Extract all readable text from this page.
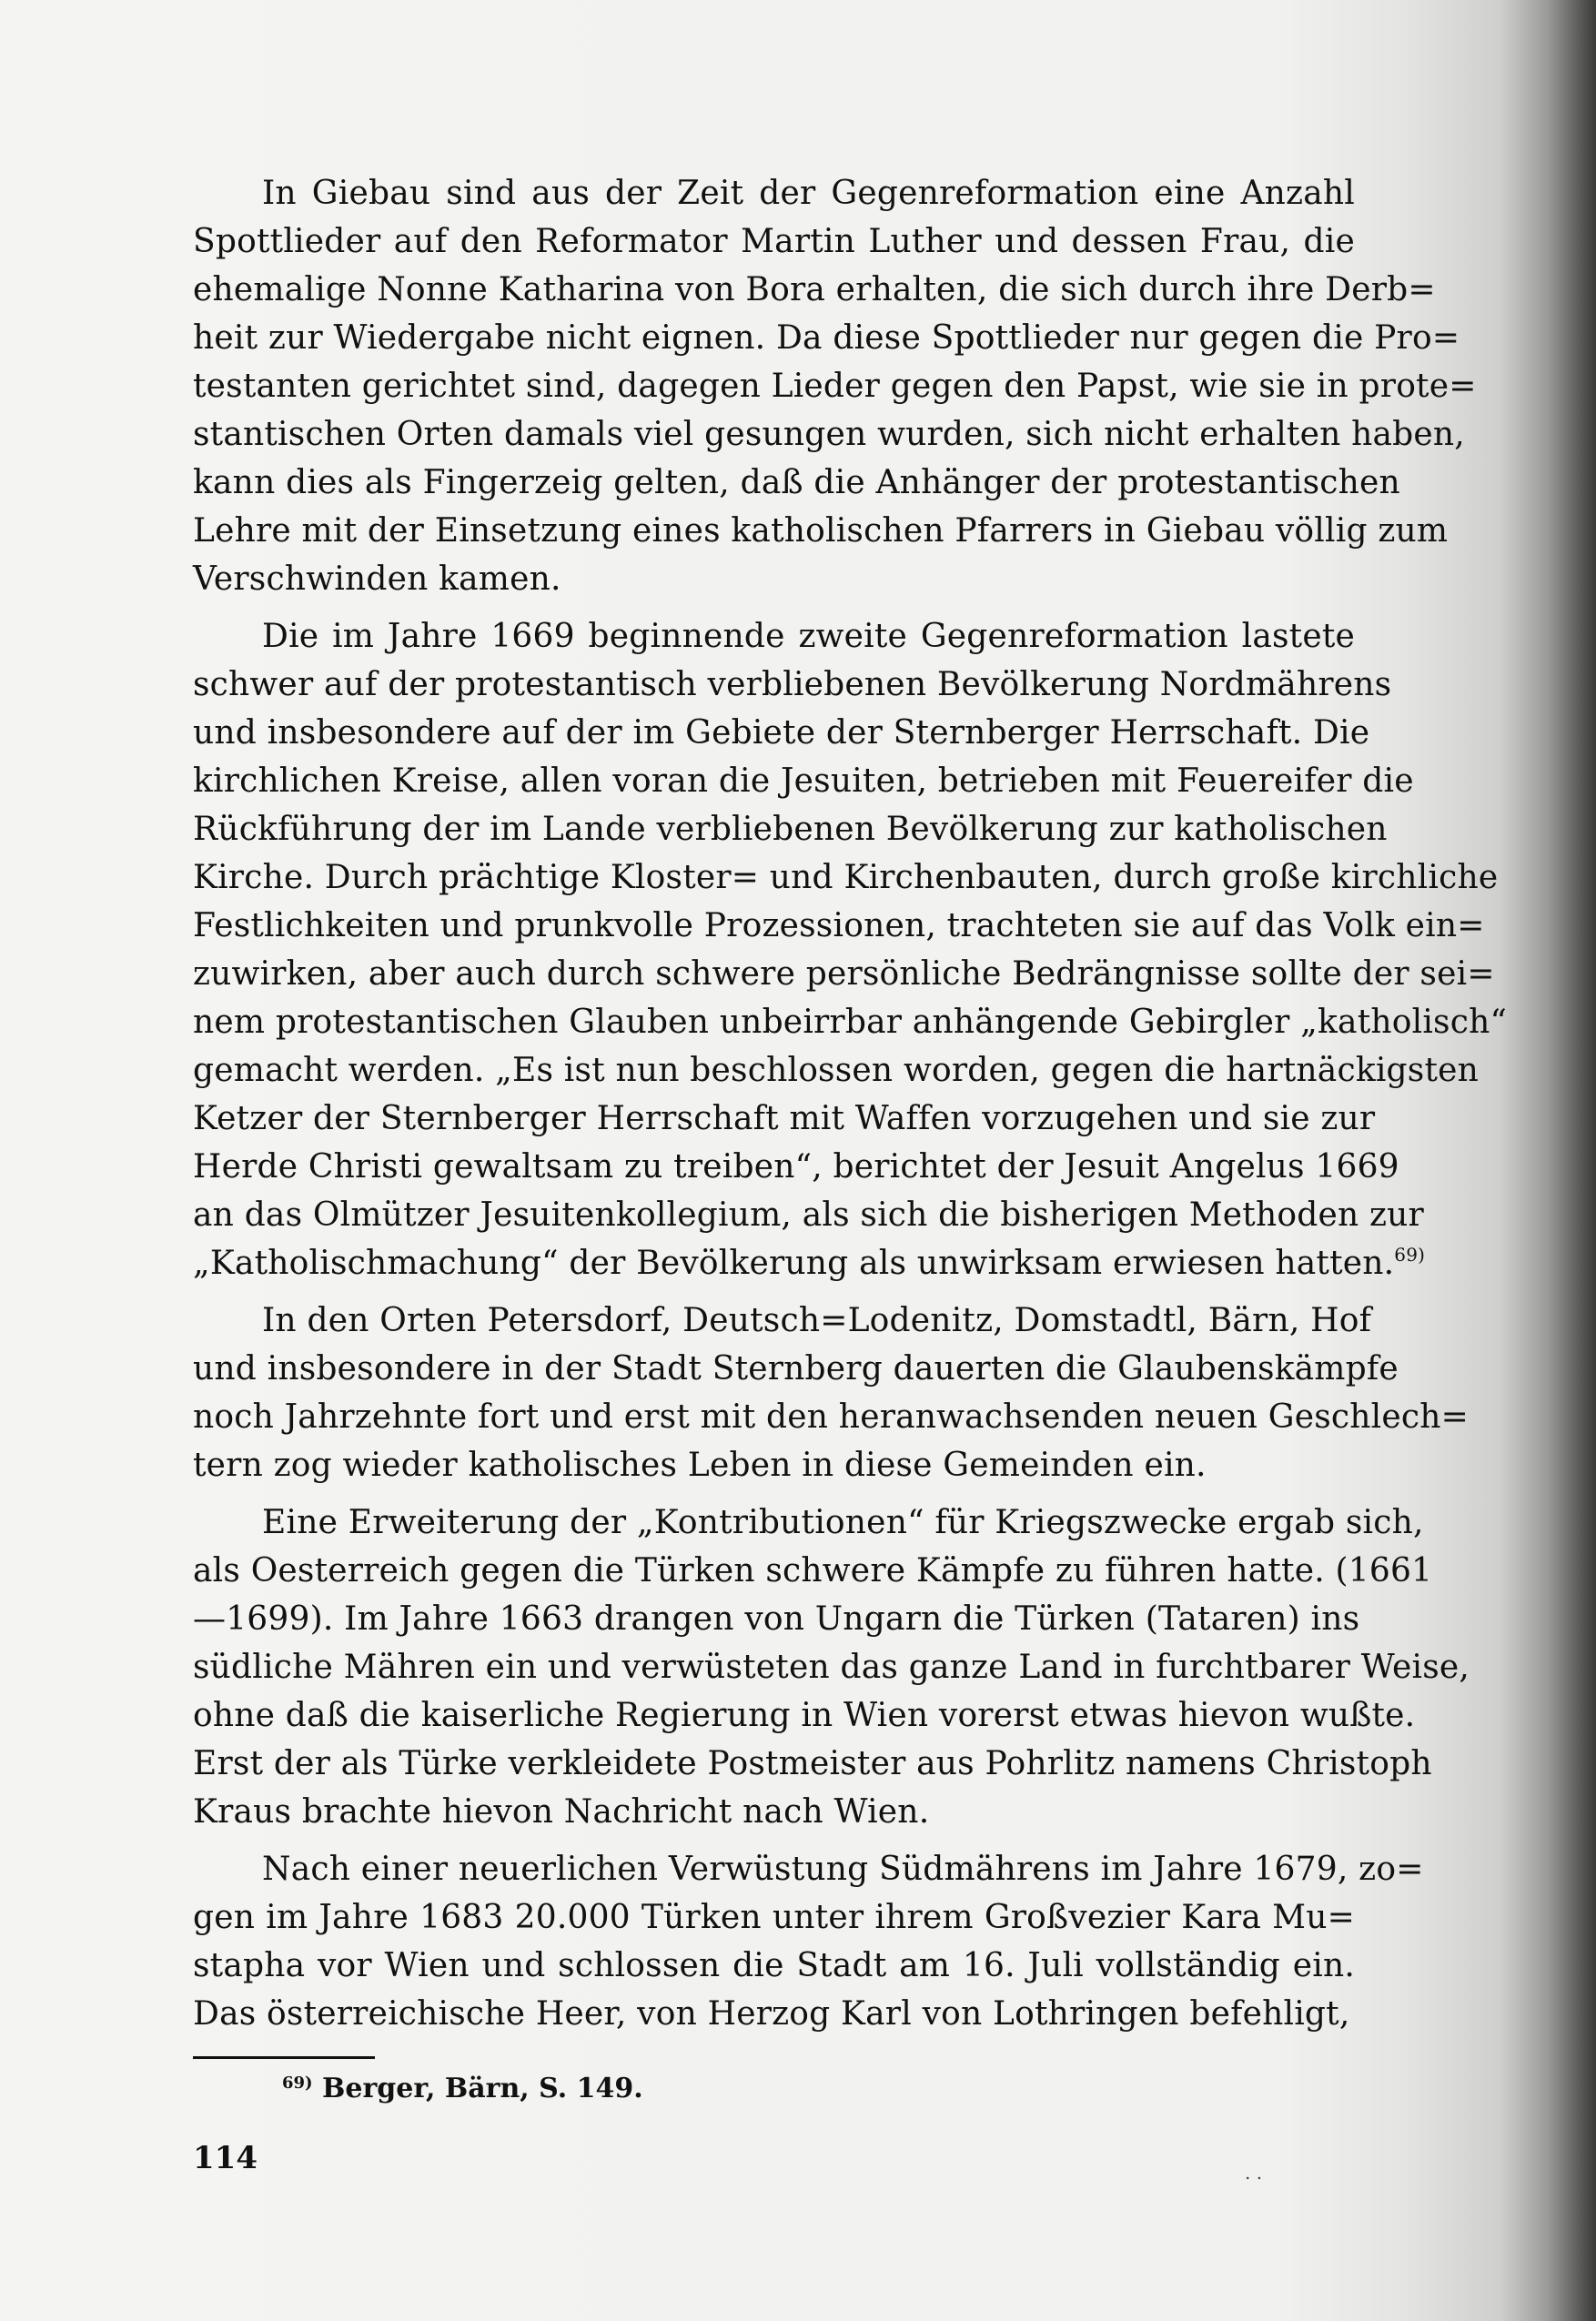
In Giebau sind aus der Zeit der Gegenreformation eine Anzahl
Spottlieder auf den Reformator Martin Luther und dessen Frau, die
ehemalige Nonne Katharina von Bora erhalten, die sich durch ihre Derb=
heit zur Wiedergabe nicht eignen. Da diese Spottlieder nur gegen die Pro=
testanten gerichtet sind, dagegen Lieder gegen den Papst, wie sie in prote=
stantischen Orten damals viel gesungen wurden, sich nicht erhalten haben,
kann dies als Fingerzeig gelten, daß die Anhänger der protestantischen
Lehre mit der Einsetzung eines katholischen Pfarrers in Giebau völlig zum
Verschwinden kamen.
Die im Jahre 1669 beginnende zweite Gegenreformation lastete
schwer auf der protestantisch verbliebenen Bevölkerung Nordmährens
und insbesondere auf der im Gebiete der Sternberger Herrschaft. Die
kirchlichen Kreise, allen voran die Jesuiten, betrieben mit Feuereifer die
Rückführung der im Lande verbliebenen Bevölkerung zur katholischen
Kirche. Durch prächtige Kloster= und Kirchenbauten, durch große kirchliche
Festlichkeiten und prunkvolle Prozessionen, trachteten sie auf das Volk ein=
zuwirken, aber auch durch schwere persönliche Bedrängnisse sollte der sei=
nem protestantischen Glauben unbeirrbar anhängende Gebirgler „katholisch“
gemacht werden. „Es ist nun beschlossen worden, gegen die hartnäckigsten
Ketzer der Sternberger Herrschaft mit Waffen vorzugehen und sie zur
Herde Christi gewaltsam zu treiben“, berichtet der Jesuit Angelus 1669
an das Olmützer Jesuitenkollegium, als sich die bisherigen Methoden zur
„Katholischmachung“ der Bevölkerung als unwirksam erwiesen hatten.$^{69)}$
In den Orten Petersdorf, Deutsch=Lodenitz, Domstadtl, Bärn, Hof
und insbesondere in der Stadt Sternberg dauerten die Glaubenskämpfe
noch Jahrzehnte fort und erst mit den heranwachsenden neuen Geschlech=
tern zog wieder katholisches Leben in diese Gemeinden ein.
Eine Erweiterung der „Kontributionen“ für Kriegszwecke ergab sich,
als Oesterreich gegen die Türken schwere Kämpfe zu führen hatte. (1661
—1699). Im Jahre 1663 drangen von Ungarn die Türken (Tataren) ins
südliche Mähren ein und verwüsteten das ganze Land in furchtbarer Weise,
ohne daß die kaiserliche Regierung in Wien vorerst etwas hievon wußte.
Erst der als Türke verkleidete Postmeister aus Pohrlitz namens Christoph
Kraus brachte hievon Nachricht nach Wien.
Nach einer neuerlichen Verwüstung Südmährens im Jahre 1679, zo=
gen im Jahre 1683 20.000 Türken unter ihrem Großvezier Kara Mu=
stapha vor Wien und schlossen die Stadt am 16. Juli vollständig ein.
Das österreichische Heer, von Herzog Karl von Lothringen befehligt,
$^{69)}$ Berger, Bärn, S. 149.
114	. .
